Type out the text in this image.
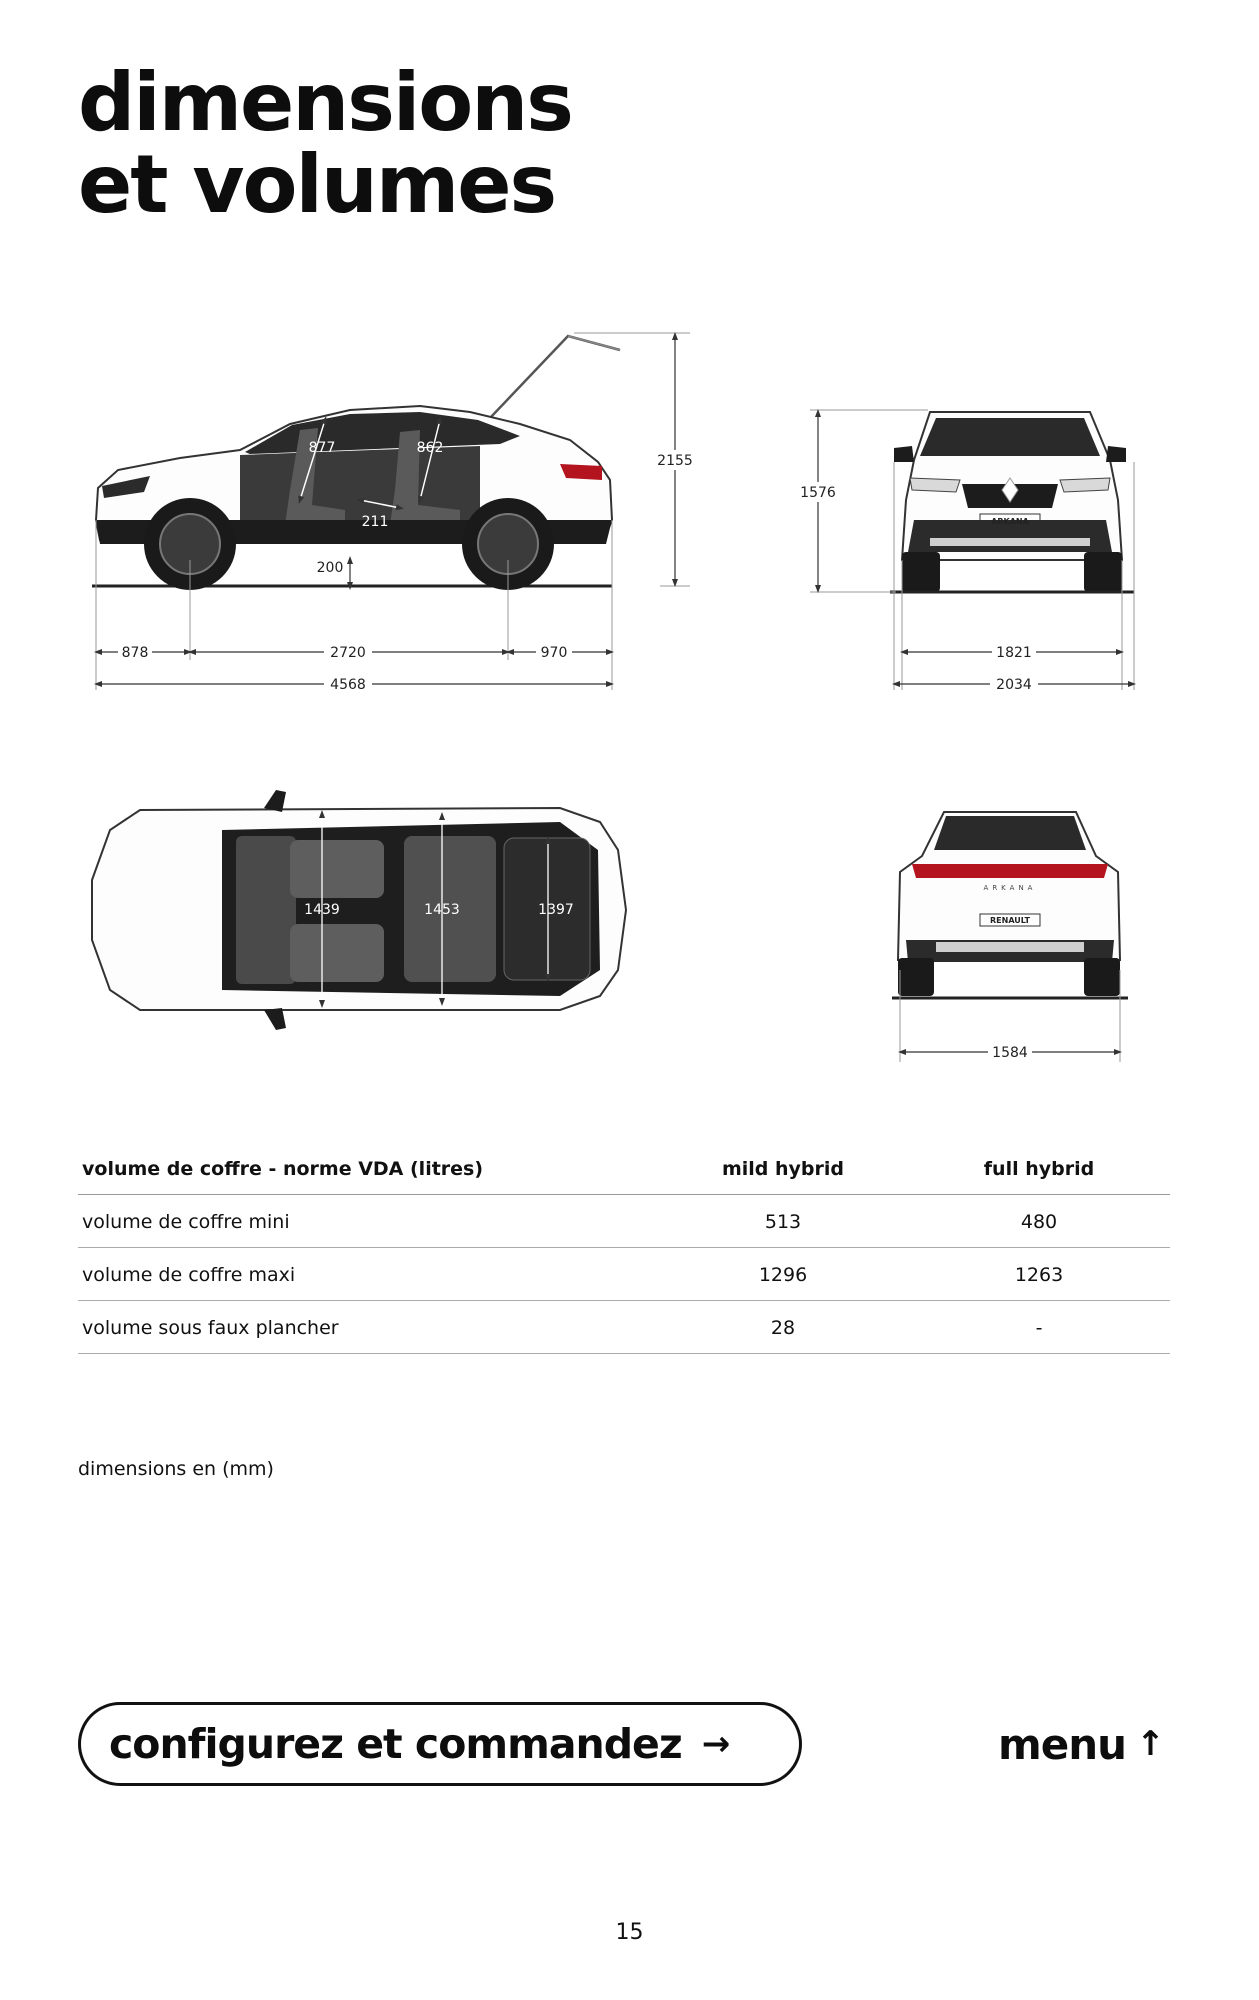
dimensions
et volumes
877	862
211
200
2155
878	2720	970
4568
ARKANA
1576
1821
2034
1439	1453	1397
ARKANA
RENAULT
1584
volume de coffre - norme VDA (litres)	mild hybrid	full hybrid
volume de coffre mini	513	480
volume de coffre maxi	1296	1263
volume sous faux plancher	28	-
dimensions en (mm)
configurez et commandez →	menu ↑
15
